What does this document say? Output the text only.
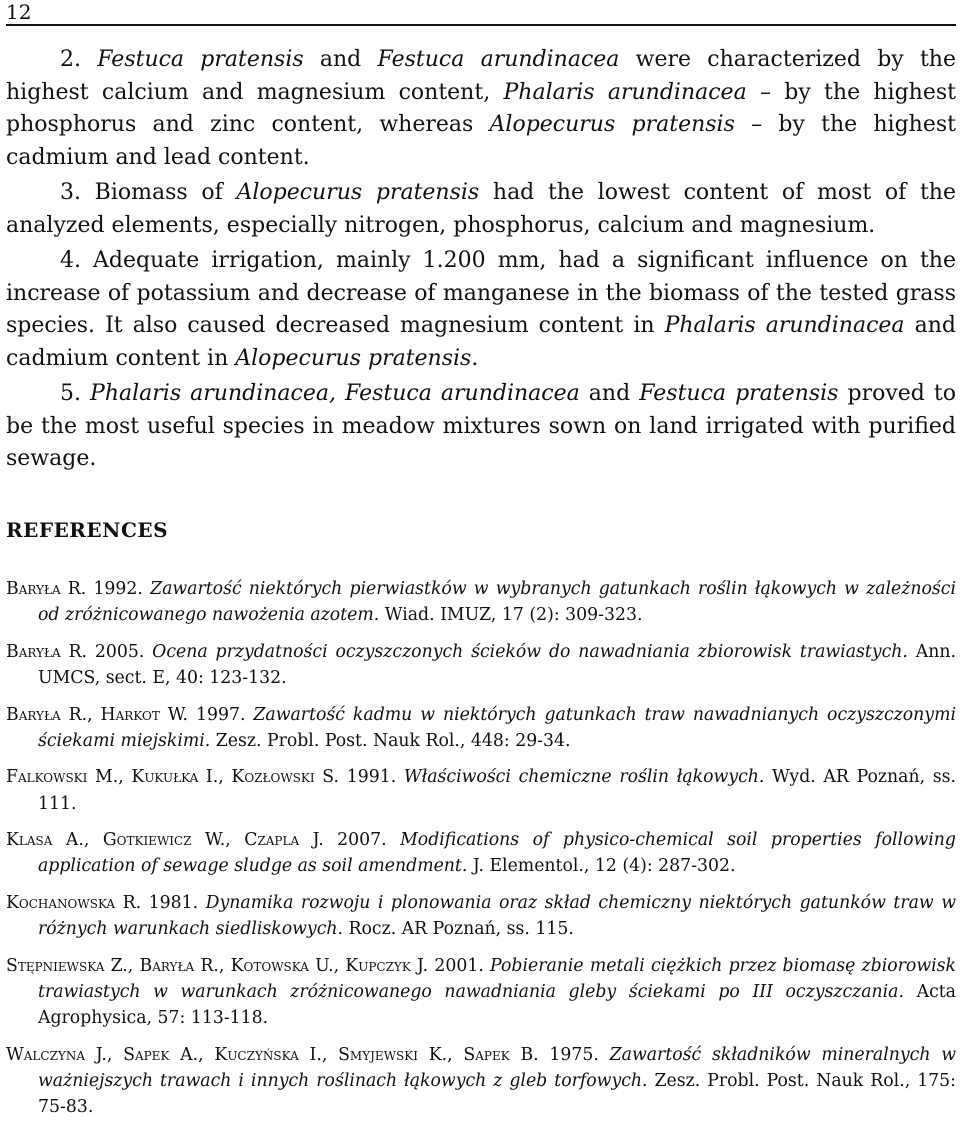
12

2. Festuca pratensis and Festuca arundinacea were characterized by the highest calcium and magnesium content, Phalaris arundinacea – by the highest phosphorus and zinc content, whereas Alopecurus pratensis – by the highest cadmium and lead content.

3. Biomass of Alopecurus pratensis had the lowest content of most of the analyzed elements, especially nitrogen, phosphorus, calcium and magnesium.

4. Adequate irrigation, mainly 1.200 mm, had a significant influence on the increase of potassium and decrease of manganese in the biomass of the tested grass species. It also caused decreased magnesium content in Phalaris arundinacea and cadmium content in Alopecurus pratensis.

5. Phalaris arundinacea, Festuca arundinacea and Festuca pratensis proved to be the most useful species in meadow mixtures sown on land irrigated with purified sewage.

REFERENCES
Baryła R. 1992. Zawartość niektórych pierwiastków w wybranych gatunkach roślin łąkowych w zależności od zróżnicowanego nawożenia azotem. Wiad. IMUZ, 17 (2): 309-323.
Baryła R. 2005. Ocena przydatności oczyszczonych ścieków do nawadniania zbiorowisk trawiastych. Ann. UMCS, sect. E, 40: 123-132.
Baryła R., Harkot W. 1997. Zawartość kadmu w niektórych gatunkach traw nawadnianych oczyszczonymi ściekami miejskimi. Zesz. Probl. Post. Nauk Rol., 448: 29-34.
Falkowski M., Kukułka I., Kozłowski S. 1991. Właściwości chemiczne roślin łąkowych. Wyd. AR Poznań, ss. 111.
Klasa A., Gotkiewicz W., Czapla J. 2007. Modifications of physico-chemical soil properties following application of sewage sludge as soil amendment. J. Elementol., 12 (4): 287-302.
Kochanowska R. 1981. Dynamika rozwoju i plonowania oraz skład chemiczny niektórych gatunków traw w różnych warunkach siedliskowych. Rocz. AR Poznań, ss. 115.
Stępniewska Z., Baryła R., Kotowska U., Kupczyk J. 2001. Pobieranie metali ciężkich przez biomasę zbiorowisk trawiastych w warunkach zróżnicowanego nawadniania gleby ściekami po III oczyszczania. Acta Agrophysica, 57: 113-118.
Walczyna J., Sapek A., Kuczyńska I., Smyjewski K., Sapek B. 1975. Zawartość składników mineralnych w ważniejszych trawach i innych roślinach łąkowych z gleb torfowych. Zesz. Probl. Post. Nauk Rol., 175: 75-83.
